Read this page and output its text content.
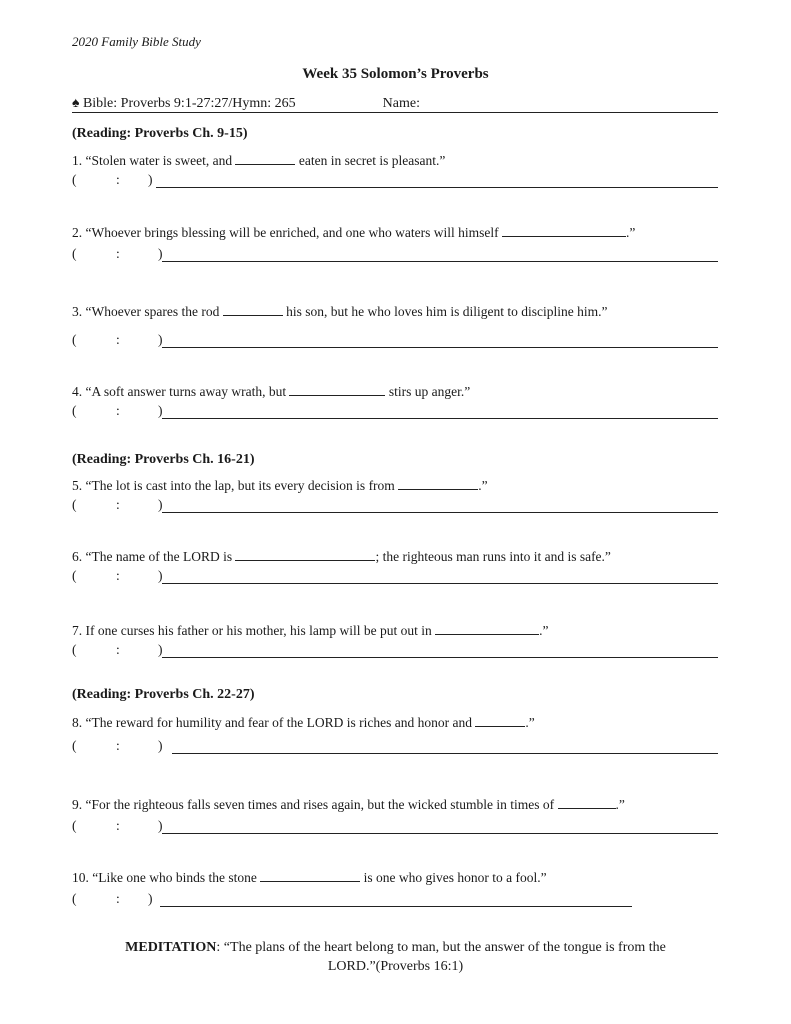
2020 Family Bible Study
Week 35 Solomon’s Proverbs
♠ Bible: Proverbs 9:1-27:27/Hymn: 265	Name:
(Reading: Proverbs Ch. 9-15)
(Reading: Proverbs Ch. 16-21)
(Reading: Proverbs Ch. 22-27)
1. “Stolen water is sweet, and	eaten in secret is pleasant.”
2. “Whoever brings blessing will be enriched, and one who waters will himself	.”
3. “Whoever spares the rod	his son, but he who loves him is diligent to discipline him.”
4. “A soft answer turns away wrath, but	stirs up anger.”
5. “The lot is cast into the lap, but its every decision is from	.”
6. “The name of the LORD is	; the righteous man runs into it and is safe.”
7. If one curses his father or his mother, his lamp will be put out in	.”
8. “The reward for humility and fear of the LORD is riches and honor and	.”
9. “For the righteous falls seven times and rises again, but the wicked stumble in times of	.”
10. “Like one who binds the stone	is one who gives honor to a fool.”
(	: )
(	:	)
(	:	)
(	:	)
(	:	)
(	:	)
(	:	)
(	:	)
(	:	)
(	: )
MEDITATION: “The plans of the heart belong to man, but the answer of the tongue is from the LORD.”(Proverbs 16:1)
